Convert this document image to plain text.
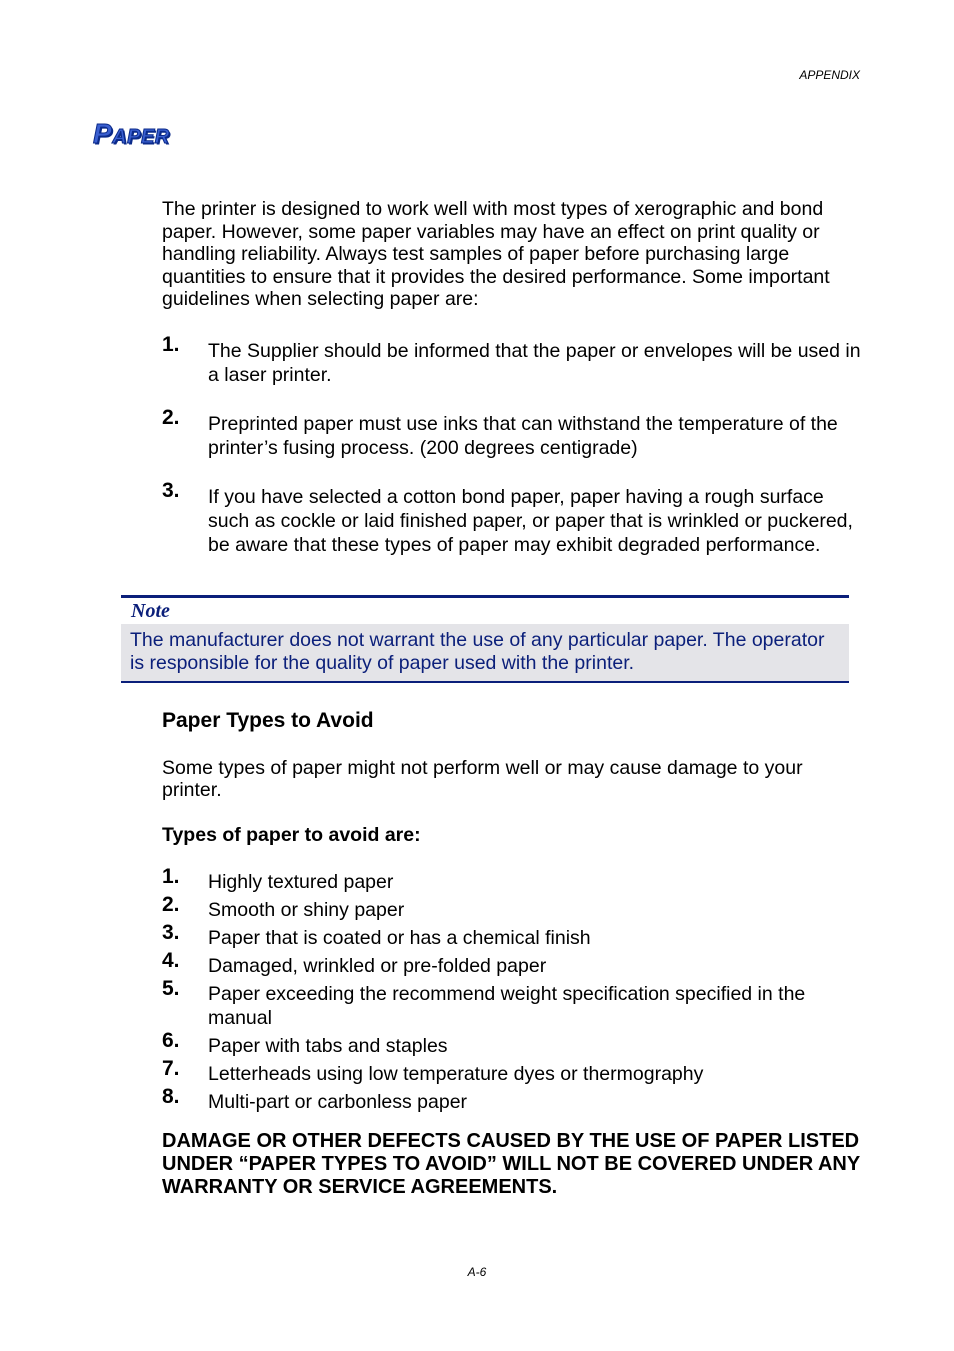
APPENDIX
PAPER

The printer is designed to work well with most types of xerographic and bond paper. However, some paper variables may have an effect on print quality or handling reliability. Always test samples of paper before purchasing large quantities to ensure that it provides the desired performance. Some important guidelines when selecting paper are:

1.	The Supplier should be informed that the paper or envelopes will be used in a laser printer.
2.	Preprinted paper must use inks that can withstand the temperature of the printer’s fusing process. (200 degrees centigrade)
3.	If you have selected a cotton bond paper, paper having a rough surface such as cockle or laid finished paper, or paper that is wrinkled or puckered, be aware that these types of paper may exhibit degraded performance.
Note
The manufacturer does not warrant the use of any particular paper. The operator is responsible for the quality of paper used with the printer.
Paper Types to Avoid

Some types of paper might not perform well or may cause damage to your printer.

Types of paper to avoid are:

1.	Highly textured paper
2.	Smooth or shiny paper
3.	Paper that is coated or has a chemical finish
4.	Damaged, wrinkled or pre-folded paper
5.	Paper exceeding the recommend weight specification specified in the manual
6.	Paper with tabs and staples
7.	Letterheads using low temperature dyes or thermography
8.	Multi-part or carbonless paper

DAMAGE OR OTHER DEFECTS CAUSED BY THE USE OF PAPER LISTED UNDER “PAPER TYPES TO AVOID” WILL NOT BE COVERED UNDER ANY WARRANTY OR SERVICE AGREEMENTS.

A-6
